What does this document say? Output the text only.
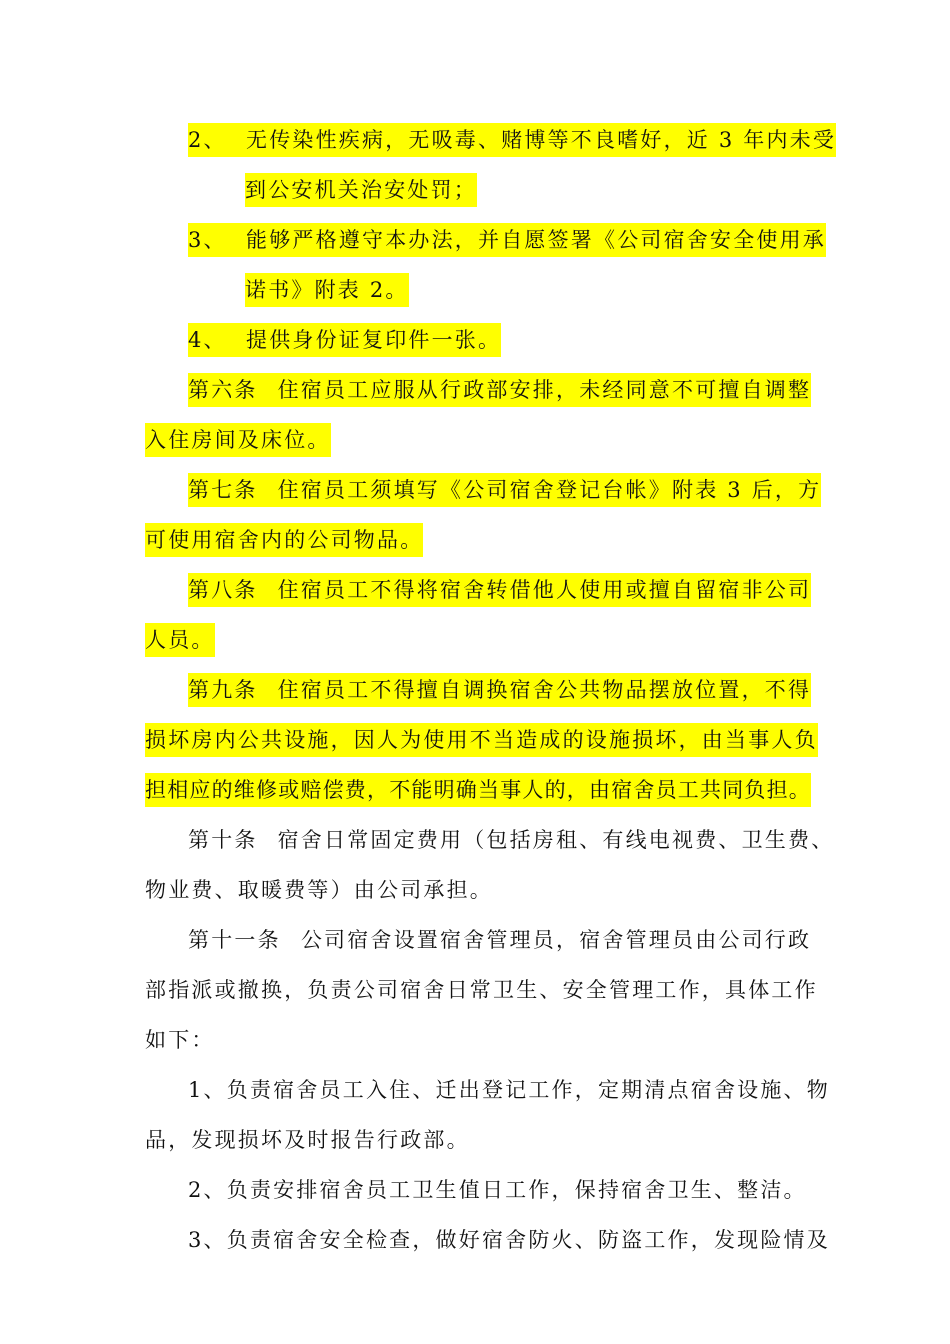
2、 无传染性疾病，无吸毒、赌博等不良嗜好，近 3 年内未受
到公安机关治安处罚；
3、 能够严格遵守本办法，并自愿签署《公司宿舍安全使用承
诺书》附表 2。
4、 提供身份证复印件一张。
第六条 住宿员工应服从行政部安排，未经同意不可擅自调整
入住房间及床位。
第七条 住宿员工须填写《公司宿舍登记台帐》附表 3 后，方
可使用宿舍内的公司物品。
第八条 住宿员工不得将宿舍转借他人使用或擅自留宿非公司
人员。
第九条 住宿员工不得擅自调换宿舍公共物品摆放位置，不得
损坏房内公共设施，因人为使用不当造成的设施损坏，由当事人负
担相应的维修或赔偿费，不能明确当事人的，由宿舍员工共同负担。
第十条 宿舍日常固定费用（包括房租、有线电视费、卫生费、
物业费、取暖费等）由公司承担。
第十一条 公司宿舍设置宿舍管理员，宿舍管理员由公司行政
部指派或撤换，负责公司宿舍日常卫生、安全管理工作，具体工作
如下：
1、负责宿舍员工入住、迁出登记工作，定期清点宿舍设施、物
品，发现损坏及时报告行政部。
2、负责安排宿舍员工卫生值日工作，保持宿舍卫生、整洁。
3、负责宿舍安全检查，做好宿舍防火、防盗工作，发现险情及
